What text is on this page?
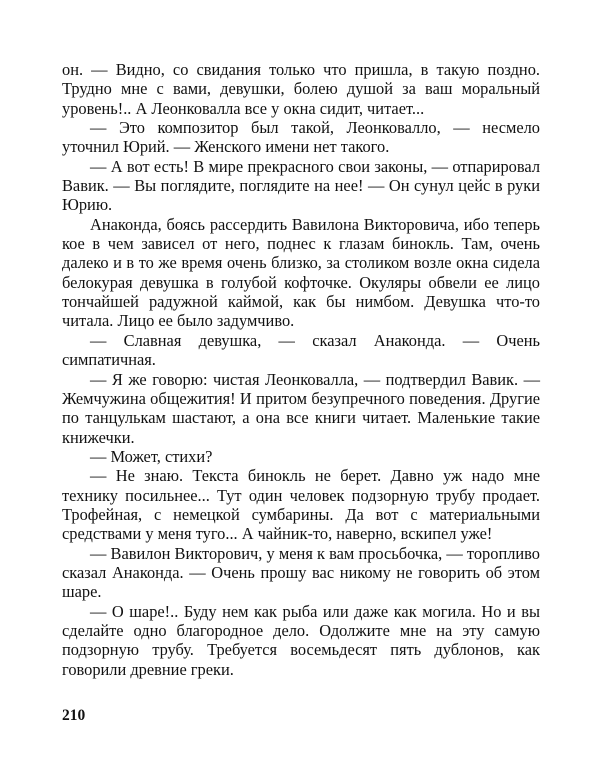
он. — Видно, со свидания только что пришла, в такую поздно. Трудно мне с вами, девушки, болею душой за ваш моральный уровень!.. А Леонковалла все у окна сидит, читает...

— Это композитор был такой, Леонковалло, — несмело уточнил Юрий. — Женского имени нет такого.

— А вот есть! В мире прекрасного свои законы, — отпарировал Вавик. — Вы поглядите, поглядите на нее! — Он сунул цейс в руки Юрию.

Анаконда, боясь рассердить Вавилона Викторовича, ибо теперь кое в чем зависел от него, поднес к глазам бинокль. Там, очень далеко и в то же время очень близко, за столиком возле окна сидела белокурая девушка в голубой кофточке. Окуляры обвели ее лицо тончайшей радужной каймой, как бы нимбом. Девушка что-то читала. Лицо ее было задумчиво.

— Славная девушка, — сказал Анаконда. — Очень симпатичная.

— Я же говорю: чистая Леонковалла, — подтвердил Вавик. — Жемчужина общежития! И притом безупречного поведения. Другие по танцулькам шастают, а она все книги читает. Маленькие такие книжечки.

— Может, стихи?

— Не знаю. Текста бинокль не берет. Давно уж надо мне технику посильнее... Тут один человек подзорную трубу продает. Трофейная, с немецкой сумбарины. Да вот с материальными средствами у меня туго... А чайник-то, наверно, вскипел уже!

— Вавилон Викторович, у меня к вам просьбочка, — торопливо сказал Анаконда. — Очень прошу вас никому не говорить об этом шаре.

— О шаре!.. Буду нем как рыба или даже как могила. Но и вы сделайте одно благородное дело. Одолжите мне на эту самую подзорную трубу. Требуется восемьдесят пять дублонов, как говорили древние греки.

210
